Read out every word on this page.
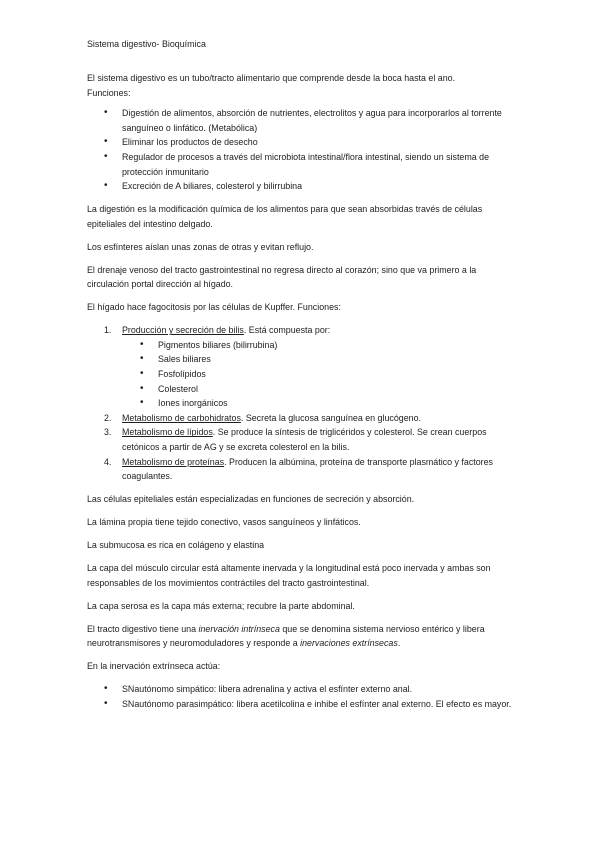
Sistema digestivo- Bioquímica

El sistema digestivo es un tubo/tracto alimentario que comprende desde la boca hasta el ano.
Funciones:

• Digestión de alimentos, absorción de nutrientes, electrolitos y agua para incorporarlos al torrente sanguíneo o linfático. (Metabólica)
• Eliminar los productos de desecho
• Regulador de procesos a través del microbiota intestinal/flora intestinal, siendo un sistema de protección inmunitario
• Excreción de A biliares, colesterol y bilirrubina

La digestión es la modificación química de los alimentos para que sean absorbidas través de células epiteliales del intestino delgado.

Los esfínteres aíslan unas zonas de otras y evitan reflujo.

El drenaje venoso del tracto gastrointestinal no regresa directo al corazón; sino que va primero a la circulación portal dirección al hígado.

El hígado hace fagocitosis por las células de Kupffer. Funciones:

1. Producción y secreción de bilis. Está compuesta por:
• Pigmentos biliares (bilirrubina)
• Sales biliares
• Fosfolípidos
• Colesterol
• Iones inorgánicos
2. Metabolismo de carbohidratos. Secreta la glucosa sanguínea en glucógeno.
3. Metabolismo de lípidos. Se produce la síntesis de triglicéridos y colesterol. Se crean cuerpos cetónicos a partir de AG y se excreta colesterol en la bilis.
4. Metabolismo de proteínas. Producen la albúmina, proteína de transporte plasmático y factores coagulantes.

Las células epiteliales están especializadas en funciones de secreción y absorción.

La lámina propia tiene tejido conectivo, vasos sanguíneos y linfáticos.

La submucosa es rica en colágeno y elastina

La capa del músculo circular está altamente inervada y la longitudinal está poco inervada y ambas son responsables de los movimientos contráctiles del tracto gastrointestinal.

La capa serosa es la capa más externa; recubre la parte abdominal.

El tracto digestivo tiene una inervación intrínseca que se denomina sistema nervioso entérico y libera neurotransmisores y neuromoduladores y responde a inervaciones extrínsecas.

En la inervación extrínseca actúa:

• SNautónomo simpático: libera adrenalina y activa el esfínter externo anal.
• SNautónomo parasimpático: libera acetilcolina e inhibe el esfínter anal externo. El efecto es mayor.
